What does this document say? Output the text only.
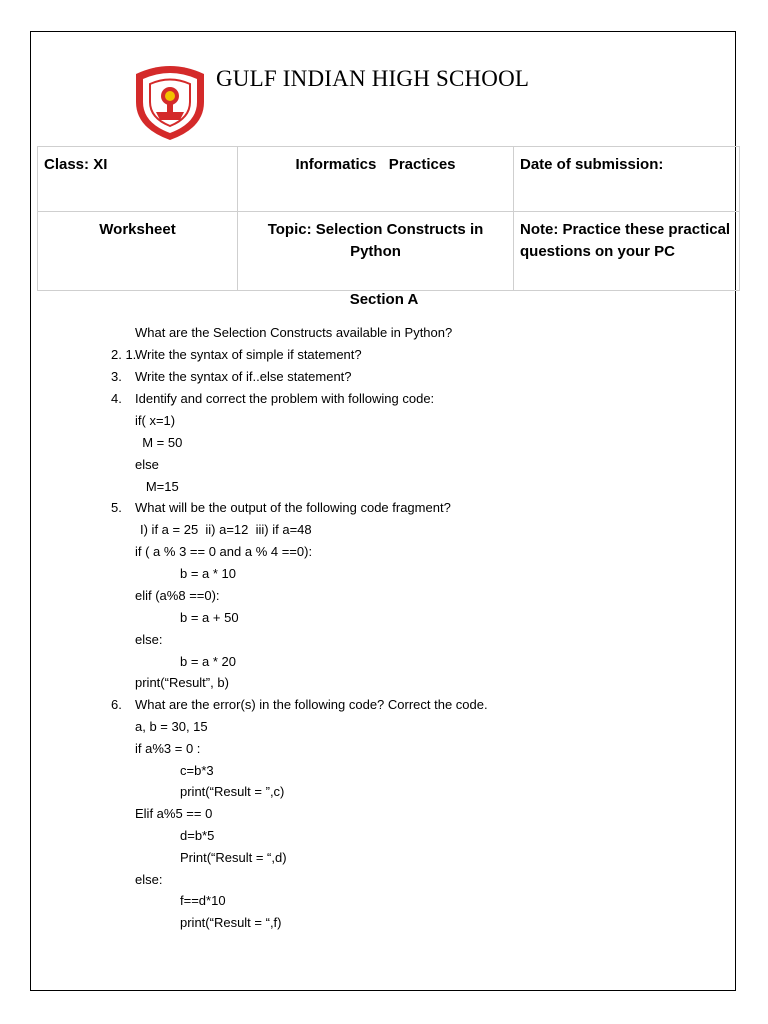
GULF INDIAN HIGH SCHOOL
Class: XI	Informatics   Practices	Date of submission:
Worksheet	Topic: Selection Constructs in Python	Note: Practice these practical questions on your PC
Section A

1.

What are the Selection Constructs available in Python?
2. Write the syntax of simple if statement?
3. Write the syntax of if..else statement?
4. Identify and correct the problem with following code:
if( x=1)
M = 50
else
M=15
5. What will be the output of the following code fragment?
I) if a = 25  ii) a=12  iii) if a=48
if ( a % 3 == 0 and a % 4 ==0):
b = a * 10
elif (a%8 ==0):
b = a + 50
else:
b = a * 20
print(“Result”, b)
6. What are the error(s) in the following code? Correct the code.
a, b = 30, 15
if a%3 = 0 :
c=b*3
print(“Result = ”,c)
Elif a%5 == 0
d=b*5
Print(“Result = “,d)
else:
f==d*10
print(“Result = “,f)
